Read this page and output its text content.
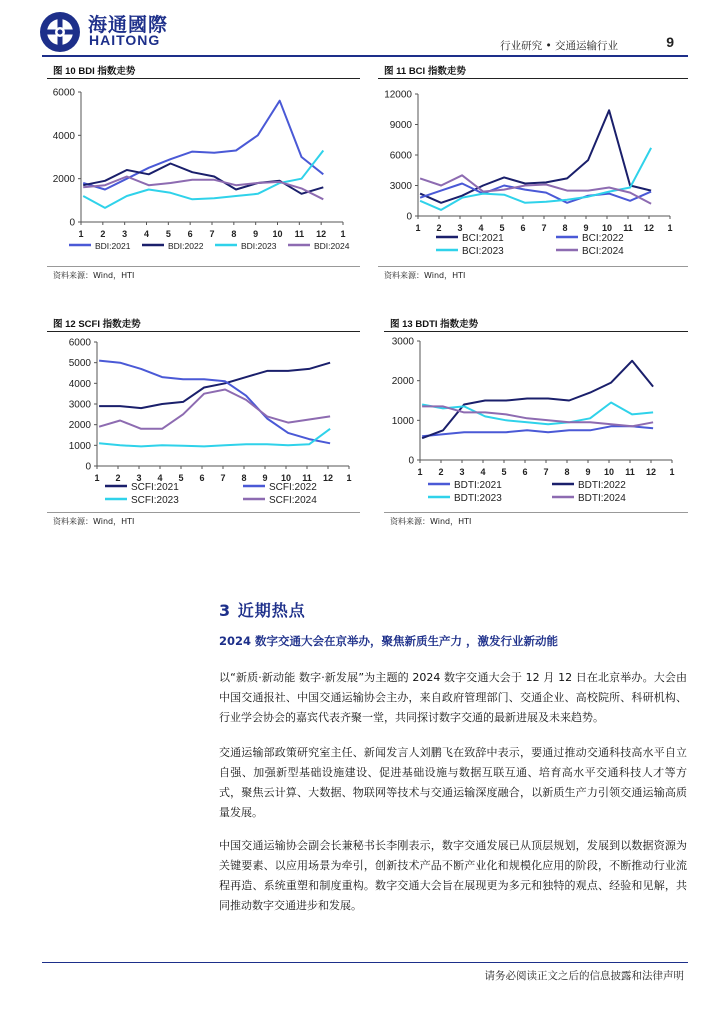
海通國際
HAITONG	行业研究 • 交通运输行业	9
图 10 BDI 指数走势
0
2000
4000
6000
1 2 3 4 5 6 7 8 9 10 11 12 1
BDI:2021	BDI:2022	BDI:2023	BDI:2024
资料来源：Wind，HTI
图 11 BCI 指数走势
0
3000
6000
9000
12000
1 2 3 4 5 6 7 8 9 10 11 12 1
BCI:2021	BCI:2022
BCI:2023	BCI:2024
资料来源：Wind，HTI
图 12 SCFI 指数走势
0
1000
2000
3000
4000
5000
6000
1 2 3 4 5 6 7 8 9 10 11 12 1
SCFI:2021	SCFI:2022
SCFI:2023	SCFI:2024
资料来源：Wind，HTI
图 13 BDTI 指数走势
0
1000
2000
3000
1 2 3 4 5 6 7 8 9 10 11 12 1
BDTI:2021	BDTI:2022
BDTI:2023	BDTI:2024
资料来源：Wind，HTI
3 近期热点
2024 数字交通大会在京举办，聚焦新质生产力 ，激发行业新动能

以“新质·新动能 数字·新发展”为主题的 2024 数字交通大会于 12 月 12 日在北京举办。大会由中国交通报社、中国交通运输协会主办，来自政府管理部门、交通企业、高校院所、科研机构、行业学会协会的嘉宾代表齐聚一堂，共同探讨数字交通的最新进展及未来趋势。

交通运输部政策研究室主任、新闻发言人刘鹏飞在致辞中表示，要通过推动交通科技高水平自立自强、加强新型基础设施建设、促进基础设施与数据互联互通、培育高水平交通科技人才等方式，聚焦云计算、大数据、物联网等技术与交通运输深度融合，以新质生产力引领交通运输高质量发展。

中国交通运输协会副会长兼秘书长李刚表示，数字交通发展已从顶层规划，发展到以数据资源为关键要素、以应用场景为牵引，创新技术产品不断产业化和规模化应用的阶段，不断推动行业流程再造、系统重塑和制度重构。数字交通大会旨在展现更为多元和独特的观点、经验和见解，共同推动数字交通进步和发展。

请务必阅读正文之后的信息披露和法律声明
